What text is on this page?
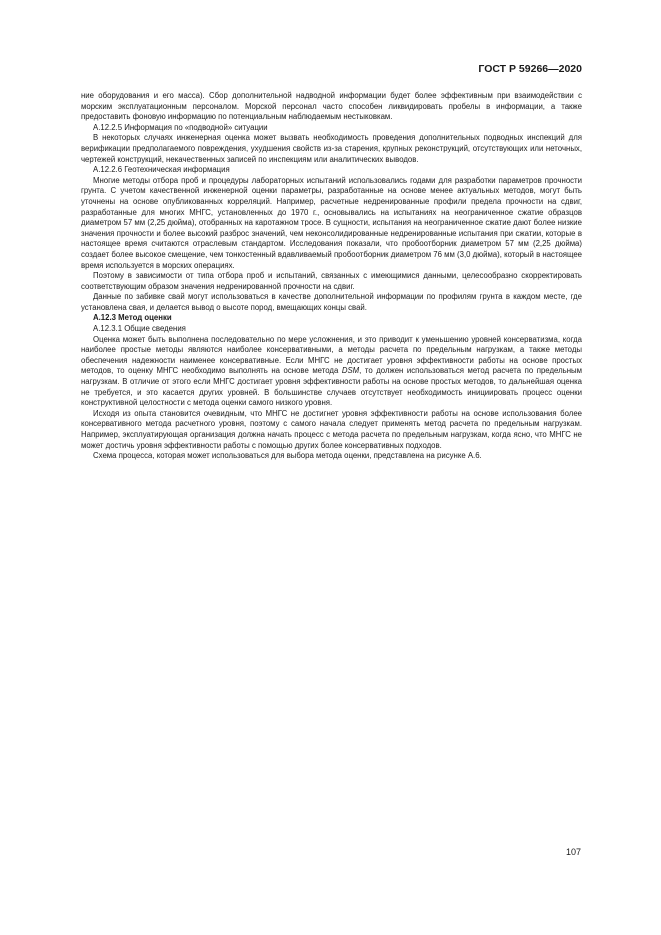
ГОСТ Р 59266—2020

ние оборудования и его масса). Сбор дополнительной надводной информации будет более эффективным при взаимодействии с морским эксплуатационным персоналом. Морской персонал часто способен ликвидировать пробелы в информации, а также предоставить фоновую информацию по потенциальным наблюдаемым нестыковкам.

А.12.2.5 Информация по «подводной» ситуации

В некоторых случаях инженерная оценка может вызвать необходимость проведения дополнительных подводных инспекций для верификации предполагаемого повреждения, ухудшения свойств из-за старения, крупных реконструкций, отсутствующих или неточных, чертежей конструкций, некачественных записей по инспекциям или аналитических выводов.

А.12.2.6 Геотехническая информация

Многие методы отбора проб и процедуры лабораторных испытаний использовались годами для разработки параметров прочности грунта. С учетом качественной инженерной оценки параметры, разработанные на основе менее актуальных методов, могут быть уточнены на основе опубликованных корреляций. Например, расчетные недренированные профили предела прочности на сдвиг, разработанные для многих МНГС, установленных до 1970 г., основывались на испытаниях на неограниченное сжатие образцов диаметром 57 мм (2,25 дюйма), отобранных на каротажном тросе. В сущности, испытания на неограниченное сжатие дают более низкие значения прочности и более высокий разброс значений, чем неконсолидированные недренированные испытания при сжатии, которые в настоящее время считаются отраслевым стандартом. Исследования показали, что пробоотборник диаметром 57 мм (2,25 дюйма) создает более высокое смещение, чем тонкостенный вдавливаемый пробоотборник диаметром 76 мм (3,0 дюйма), который в настоящее время используется в морских операциях.

Поэтому в зависимости от типа отбора проб и испытаний, связанных с имеющимися данными, целесообразно скорректировать соответствующим образом значения недренированной прочности на сдвиг.

Данные по забивке свай могут использоваться в качестве дополнительной информации по профилям грунта в каждом месте, где установлена свая, и делается вывод о высоте пород, вмещающих концы свай.

А.12.3 Метод оценки

А.12.3.1 Общие сведения

Оценка может быть выполнена последовательно по мере усложнения, и это приводит к уменьшению уровней консерватизма, когда наиболее простые методы являются наиболее консервативными, а методы расчета по предельным нагрузкам, а также методы обеспечения надежности наименее консервативные. Если МНГС не достигает уровня эффективности работы на основе простых методов, то оценку МНГС необходимо выполнять на основе метода DSM, то должен использоваться метод расчета по предельным нагрузкам. В отличие от этого если МНГС достигает уровня эффективности работы на основе простых методов, то дальнейшая оценка не требуется, и это касается других уровней. В большинстве случаев отсутствует необходимость инициировать процесс оценки конструктивной целостности с метода оценки самого низкого уровня.

Исходя из опыта становится очевидным, что МНГС не достигнет уровня эффективности работы на основе использования более консервативного метода расчетного уровня, поэтому с самого начала следует применять метод расчета по предельным нагрузкам. Например, эксплуатирующая организация должна начать процесс с метода расчета по предельным нагрузкам, когда ясно, что МНГС не может достичь уровня эффективности работы с помощью других более консервативных подходов.

Схема процесса, которая может использоваться для выбора метода оценки, представлена на рисунке А.6.

107
